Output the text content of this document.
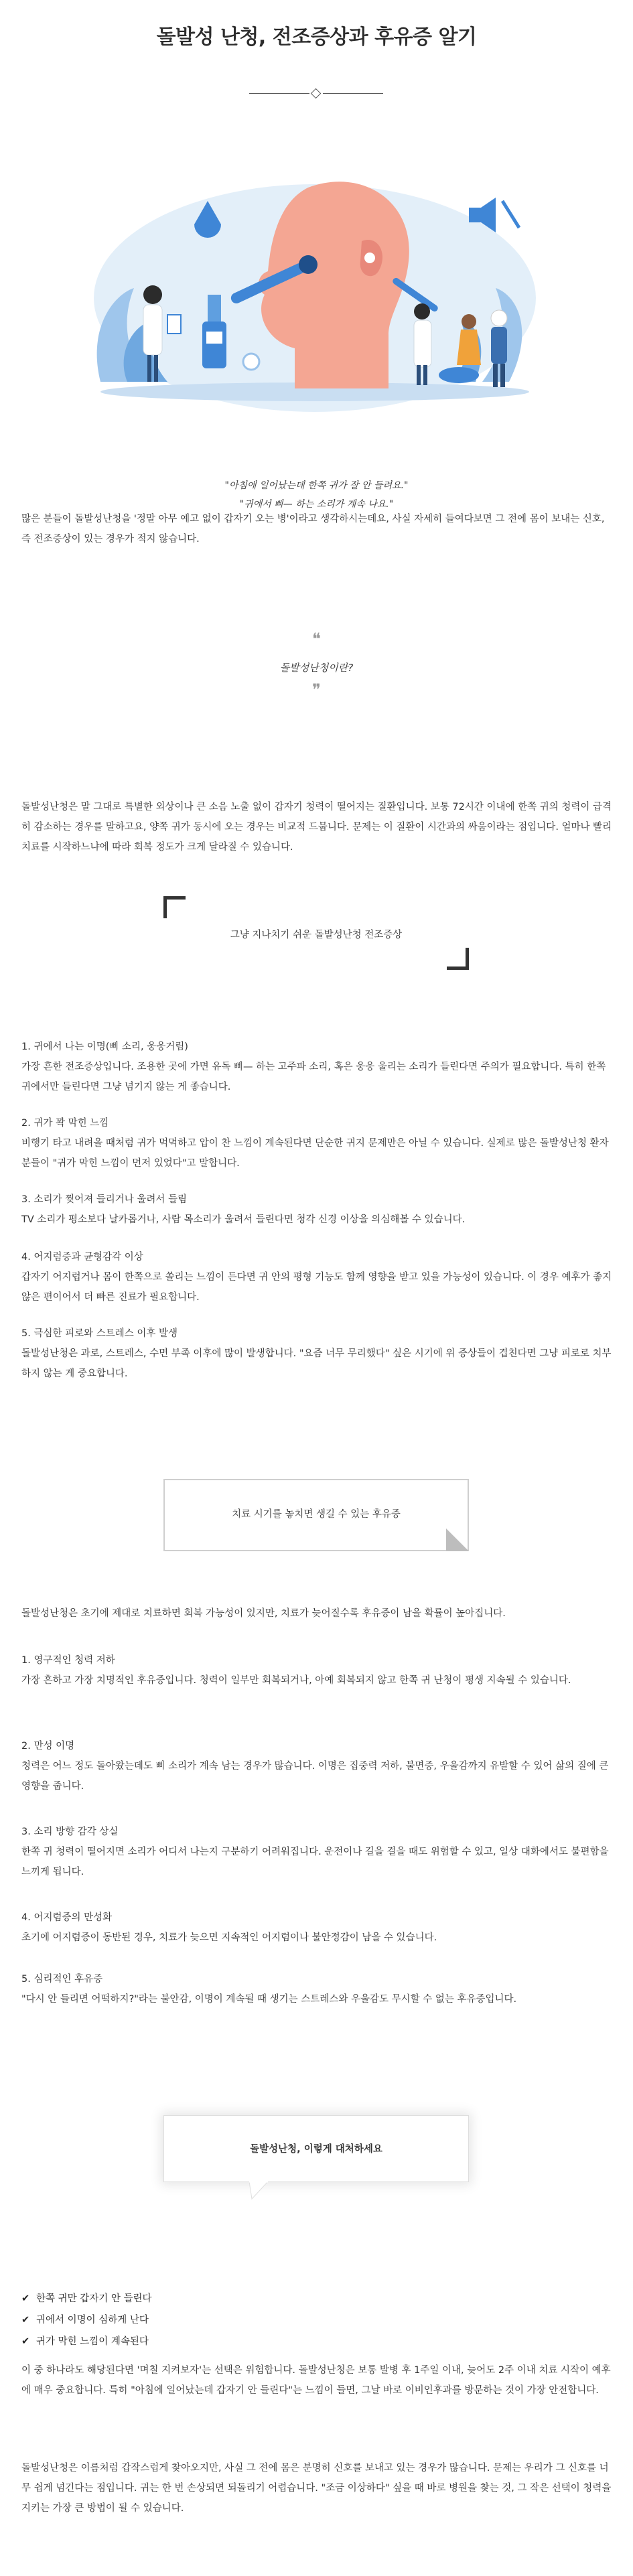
돌발성 난청, 전조증상과 후유증 알기
"아침에 일어났는데 한쪽 귀가 잘 안 들려요."
"귀에서 삐— 하는 소리가 계속 나요."

많은 분들이 돌발성난청을 '정말 아무 예고 없이 갑자기 오는 병'이라고 생각하시는데요, 사실 자세히 들여다보면 그 전에 몸이 보내는 신호, 즉 전조증상이 있는 경우가 적지 않습니다.

❝
돌발성난청이란?
❞

돌발성난청은 말 그대로 특별한 외상이나 큰 소음 노출 없이 갑자기 청력이 떨어지는 질환입니다. 보통 72시간 이내에 한쪽 귀의 청력이 급격히 감소하는 경우를 말하고요, 양쪽 귀가 동시에 오는 경우는 비교적 드뭅니다. 문제는 이 질환이 시간과의 싸움이라는 점입니다. 얼마나 빨리 치료를 시작하느냐에 따라 회복 정도가 크게 달라질 수 있습니다.

그냥 지나치기 쉬운 돌발성난청 전조증상

1. 귀에서 나는 이명(삐 소리, 웅웅거림)

가장 흔한 전조증상입니다. 조용한 곳에 가면 유독 삐— 하는 고주파 소리, 혹은 웅웅 울리는 소리가 들린다면 주의가 필요합니다. 특히 한쪽 귀에서만 들린다면 그냥 넘기지 않는 게 좋습니다.

2. 귀가 꽉 막힌 느낌

비행기 타고 내려올 때처럼 귀가 먹먹하고 압이 찬 느낌이 계속된다면 단순한 귀지 문제만은 아닐 수 있습니다. 실제로 많은 돌발성난청 환자분들이 "귀가 막힌 느낌이 먼저 있었다"고 말합니다.

3. 소리가 찢어져 들리거나 울려서 들림

TV 소리가 평소보다 날카롭거나, 사람 목소리가 울려서 들린다면 청각 신경 이상을 의심해볼 수 있습니다.

4. 어지럼증과 균형감각 이상

갑자기 어지럽거나 몸이 한쪽으로 쏠리는 느낌이 든다면 귀 안의 평형 기능도 함께 영향을 받고 있을 가능성이 있습니다. 이 경우 예후가 좋지 않은 편이어서 더 빠른 진료가 필요합니다.

5. 극심한 피로와 스트레스 이후 발생

돌발성난청은 과로, 스트레스, 수면 부족 이후에 많이 발생합니다. "요즘 너무 무리했다" 싶은 시기에 위 증상들이 겹친다면 그냥 피로로 치부하지 않는 게 중요합니다.

치료 시기를 놓치면 생길 수 있는 후유증

돌발성난청은 초기에 제대로 치료하면 회복 가능성이 있지만, 치료가 늦어질수록 후유증이 남을 확률이 높아집니다.

1. 영구적인 청력 저하

가장 흔하고 가장 치명적인 후유증입니다. 청력이 일부만 회복되거나, 아예 회복되지 않고 한쪽 귀 난청이 평생 지속될 수 있습니다.

2. 만성 이명

청력은 어느 정도 돌아왔는데도 삐 소리가 계속 남는 경우가 많습니다. 이명은 집중력 저하, 불면증, 우울감까지 유발할 수 있어 삶의 질에 큰 영향을 줍니다.

3. 소리 방향 감각 상실

한쪽 귀 청력이 떨어지면 소리가 어디서 나는지 구분하기 어려워집니다. 운전이나 길을 걸을 때도 위험할 수 있고, 일상 대화에서도 불편함을 느끼게 됩니다.

4. 어지럼증의 만성화

초기에 어지럼증이 동반된 경우, 치료가 늦으면 지속적인 어지럼이나 불안정감이 남을 수 있습니다.

5. 심리적인 후유증

"다시 안 들리면 어떡하지?"라는 불안감, 이명이 계속될 때 생기는 스트레스와 우울감도 무시할 수 없는 후유증입니다.

돌발성난청, 이렇게 대처하세요
✔ 한쪽 귀만 갑자기 안 들린다
✔ 귀에서 이명이 심하게 난다
✔ 귀가 막힌 느낌이 계속된다

이 중 하나라도 해당된다면 '며칠 지켜보자'는 선택은 위험합니다. 돌발성난청은 보통 발병 후 1주일 이내, 늦어도 2주 이내 치료 시작이 예후에 매우 중요합니다. 특히 "아침에 일어났는데 갑자기 안 들린다"는 느낌이 들면, 그날 바로 이비인후과를 방문하는 것이 가장 안전합니다.

돌발성난청은 이름처럼 갑작스럽게 찾아오지만, 사실 그 전에 몸은 분명히 신호를 보내고 있는 경우가 많습니다. 문제는 우리가 그 신호를 너무 쉽게 넘긴다는 점입니다. 귀는 한 번 손상되면 되돌리기 어렵습니다. "조금 이상하다" 싶을 때 바로 병원을 찾는 것, 그 작은 선택이 청력을 지키는 가장 큰 방법이 될 수 있습니다.
